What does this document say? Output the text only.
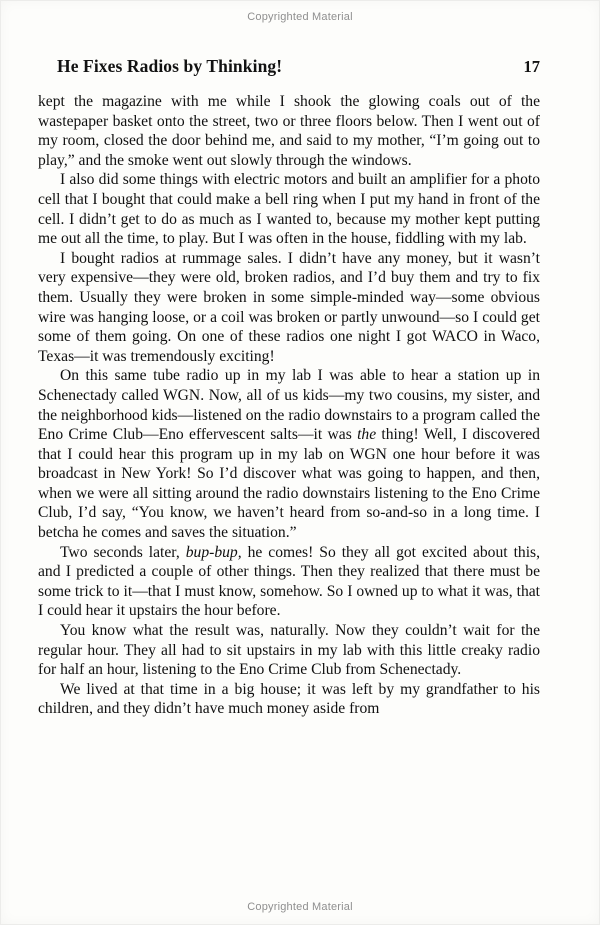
Copyrighted Material
He Fixes Radios by Thinking!	17

kept the magazine with me while I shook the glowing coals out of the wastepaper basket onto the street, two or three floors below. Then I went out of my room, closed the door behind me, and said to my mother, “I’m going out to play,” and the smoke went out slowly through the windows.

I also did some things with electric motors and built an amplifier for a photo cell that I bought that could make a bell ring when I put my hand in front of the cell. I didn’t get to do as much as I wanted to, because my mother kept putting me out all the time, to play. But I was often in the house, fiddling with my lab.

I bought radios at rummage sales. I didn’t have any money, but it wasn’t very expensive—they were old, broken radios, and I’d buy them and try to fix them. Usually they were broken in some simple-minded way—some obvious wire was hanging loose, or a coil was broken or partly unwound—so I could get some of them going. On one of these radios one night I got WACO in Waco, Texas—it was tremendously exciting!

On this same tube radio up in my lab I was able to hear a station up in Schenectady called WGN. Now, all of us kids—my two cousins, my sister, and the neighborhood kids—listened on the radio downstairs to a program called the Eno Crime Club—Eno effervescent salts—it was the thing! Well, I discovered that I could hear this program up in my lab on WGN one hour before it was broadcast in New York! So I’d discover what was going to happen, and then, when we were all sitting around the radio downstairs listening to the Eno Crime Club, I’d say, “You know, we haven’t heard from so-and-so in a long time. I betcha he comes and saves the situation.”

Two seconds later, bup-bup, he comes! So they all got excited about this, and I predicted a couple of other things. Then they realized that there must be some trick to it—that I must know, somehow. So I owned up to what it was, that I could hear it upstairs the hour before.

You know what the result was, naturally. Now they couldn’t wait for the regular hour. They all had to sit upstairs in my lab with this little creaky radio for half an hour, listening to the Eno Crime Club from Schenectady.

We lived at that time in a big house; it was left by my grandfather to his children, and they didn’t have much money aside from

Copyrighted Material
